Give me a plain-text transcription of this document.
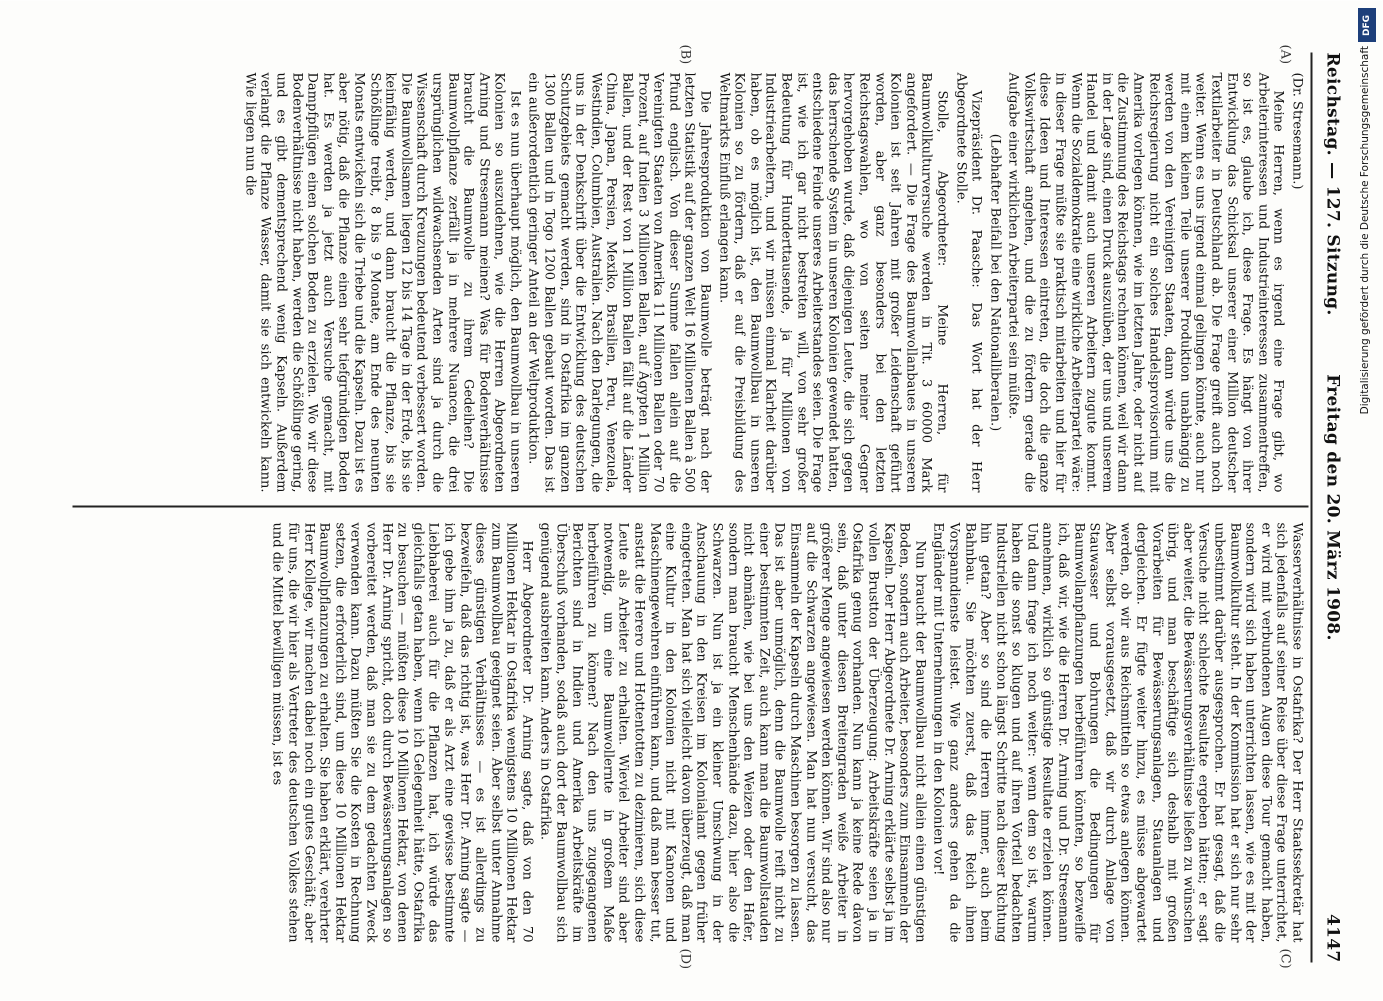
Reichstag. — 127. Sitzung.
Freitag den 20. März 1908.
4147
(A)
(B)
(C)
(D)

(Dr. Stresemann.)

Meine Herren, wenn es irgend eine Frage gibt, wo Arbeiterinteressen und Industrieinteressen zusammentreffen, so ist es, glaube ich, diese Frage. Es hängt von ihrer Entwicklung das Schicksal unserer einer Million deutscher Textilarbeiter in Deutschland ab. Die Frage greift auch noch weiter. Wenn es uns irgend einmal gelingen könnte, auch nur mit einem kleinen Teile unserer Produktion unabhängig zu werden von den Vereinigten Staaten, dann würde uns die Reichsregierung nicht ein solches Handelsprovisorium mit Amerika vorlegen können, wie im letzten Jahre, oder nicht auf die Zustimmung des Reichstags rechnen können, weil wir dann in der Lage sind, einen Druck auszuüben, der uns und unserem Handel und damit auch unseren Arbeitern zugute kommt. Wenn die Sozialdemokratie eine wirkliche Arbeiterpartei wäre: in dieser Frage müßte sie praktisch mitarbeiten und hier für diese Ideen und Interessen eintreten, die doch die ganze Volkswirtschaft angehen, und die zu fördern gerade die Aufgabe einer wirklichen Arbeiterpartei sein müßte.

(Lebhafter Beifall bei den Nationalliberalen.)

Vizepräsident Dr. Paasche: Das Wort hat der Herr Abgeordnete Stolle.

Stolle, Abgeordneter: Meine Herren, für Baumwollkulturversuche werden in Tit. 3 60000 Mark angefordert. — Die Frage des Baumwollanbaues in unseren Kolonien ist seit Jahren mit großer Leidenschaft geführt worden, aber ganz besonders bei den letzten Reichstagswahlen, wo von seiten meiner Gegner hervorgehoben wurde, daß diejenigen Leute, die sich gegen das herrschende System in unseren Kolonien gewendet hatten, entschiedene Feinde unseres Arbeiterstandes seien. Die Frage ist, wie ich gar nicht bestreiten will, von sehr großer Bedeutung für Hunderttausende, ja für Millionen von Industriearbeitern, und wir müssen einmal Klarheit darüber haben, ob es möglich ist, den Baumwollbau in unseren Kolonien so zu fördern, daß er auf die Preisbildung des Weltmarkts Einfluß erlangen kann.

Die Jahresproduktion von Baumwolle beträgt nach der letzten Statistik auf der ganzen Welt 16 Millionen Ballen à 500 Pfund englisch. Von dieser Summe fallen allein auf die Vereinigten Staaten von Amerika 11 Millionen Ballen oder 70 Prozent, auf Indien 3 Millionen Ballen, auf Ägypten 1 Million Ballen, und der Rest von 1 Million Ballen fällt auf die Länder China, Japan, Persien, Mexiko, Brasilien, Peru, Venezuela, Westindien, Columbien, Australien. Nach den Darlegungen, die uns in der Denkschrift über die Entwicklung des deutschen Schutzgebiets gemacht werden, sind in Ostafrika im ganzen 1300 Ballen und in Togo 1200 Ballen gebaut worden. Das ist ein außerordentlich geringer Anteil an der Weltproduktion.

Ist es nun überhaupt möglich, den Baumwollbau in unseren Kolonien so auszudehnen, wie die Herren Abgeordneten Arning und Stresemann meinen? Was für Bodenverhältnisse braucht die Baumwolle zu ihrem Gedeihen? Die Baumwollpflanze zerfällt ja in mehrere Nuancen, die drei ursprünglichen wildwachsenden Arten sind ja durch die Wissenschaft durch Kreuzungen bedeutend verbessert worden. Die Baumwollsamen liegen 12 bis 14 Tage in der Erde, bis sie keimfähig werden, und dann braucht die Pflanze, bis sie Schößlinge treibt, 8 bis 9 Monate, am Ende des neunten Monats entwickeln sich die Triebe und die Kapseln. Dazu ist es aber nötig, daß die Pflanze einen sehr tiefgründigen Boden hat. Es werden ja jetzt auch Versuche gemacht, mit Dampfpflügen einen solchen Boden zu erzielen. Wo wir diese Bodenverhältnisse nicht haben, werden die Schößlinge gering, und es gibt dementsprechend wenig Kapseln. Außerdem verlangt die Pflanze Wasser, damit sie sich entwickeln kann. Wie liegen nun die

Wasserverhältnisse in Ostafrika? Der Herr Staatssekretär hat sich jedenfalls auf seiner Reise über diese Frage unterrichtet, er wird mit verbundenen Augen diese Tour gemacht haben, sondern wird sich haben unterrichten lassen, wie es mit der Baumwollkultur steht. In der Kommission hat er sich nur sehr unbestimmt darüber ausgesprochen. Er hat gesagt, daß die Versuche nicht schlechte Resultate ergeben hätten; er sagt aber weiter, die Bewässerungsverhältnisse ließen zu wünschen übrig, und man beschäftige sich deshalb mit großen Vorarbeiten für Bewässerungsanlagen, Stauanlagen und dergleichen. Er fügte weiter hinzu, es müsse abgewartet werden, ob wir aus Reichsmitteln so etwas anlegen können. Aber selbst vorausgesetzt, daß wir durch Anlage von Stauwasser und Bohrungen die Bedingungen für Baumwollanpflanzungen herbeiführen könnten, so bezweifle ich, daß wir, wie die Herren Dr. Arning und Dr. Stresemann annehmen, wirklich so günstige Resultate erzielen können. Und dann frage ich noch weiter: wenn dem so ist, warum haben die sonst so klugen und auf ihren Vorteil bedachten Industriellen nicht schon längst Schritte nach dieser Richtung hin getan? Aber so sind die Herren immer, auch beim Bahnbau. Sie möchten zuerst, daß das Reich ihnen Vorspanndienste leistet. Wie ganz anders gehen da die Engländer mit Unternehmungen in den Kolonien vor!

Nun braucht der Baumwollbau nicht allein einen günstigen Boden, sondern auch Arbeiter, besonders zum Einsammeln der Kapseln. Der Herr Abgeordnete Dr. Arning erklärte selbst ja im vollen Brustton der Überzeugung: Arbeitskräfte seien ja in Ostafrika genug vorhanden. Nun kann ja keine Rede davon sein, daß unter diesen Breitengraden weiße Arbeiter in größerer Menge angewiesen werden können. Wir sind also nur auf die Schwarzen angewiesen. Man hat nun versucht, das Einsammeln der Kapseln durch Maschinen besorgen zu lassen. Das ist aber unmöglich, denn die Baumwolle reift nicht zu einer bestimmten Zeit, auch kann man die Baumwollstauden nicht abmähen, wie bei uns den Weizen oder den Hafer, sondern man braucht Menschenhände dazu, hier also die Schwarzen. Nun ist ja ein kleiner Umschwung in der Anschauung in den Kreisen im Kolonialamt gegen früher eingetreten. Man hat sich vielleicht davon überzeugt, daß man eine Kultur in den Kolonien nicht mit Kanonen und Maschinengewehren einführen kann, und daß man besser tut, anstatt die Herero und Hottentotten zu dezimieren, sich diese Leute als Arbeiter zu erhalten. Wieviel Arbeiter sind aber notwendig, um eine Baumwollernte in großem Maße herbeiführen zu können? Nach den uns zugegangenen Berichten sind in Indien und Amerika Arbeitskräfte im Überschuß vorhanden, sodaß auch dort der Baumwollbau sich genügend ausbreiten kann. Anders in Ostafrika.

Herr Abgeordneter Dr. Arning sagte, daß von den 70 Millionen Hektar in Ostafrika wenigstens 10 Millionen Hektar zum Baumwollbau geeignet seien. Aber selbst unter Annahme dieses günstigen Verhältnisses — es ist allerdings zu bezweifeln, daß das richtig ist, was Herr Dr. Arning sagte — ich gebe ihm ja zu, daß er als Arzt eine gewisse bestimmte Liebhaberei auch für die Pflanzen hat, ich würde das gleichfalls getan haben, wenn ich Gelegenheit hätte, Ostafrika zu besuchen — müßten diese 10 Millionen Hektar, von denen Herr Dr. Arning spricht, doch durch Bewässerungsanlagen so vorbereitet werden, daß man sie zu dem gedachten Zweck verwenden kann. Dazu müßten Sie die Kosten in Rechnung setzen, die erforderlich sind, um diese 10 Millionen Hektar Baumwollpflanzungen zu erhalten. Sie haben erklärt, verehrter Herr Kollege, wir machen dabei noch ein gutes Geschäft; aber für uns, die wir hier als Vertreter des deutschen Volkes stehen und die Mittel bewilligen müssen, ist es

DFG
Digitalisierung gefördert durch die Deutsche Forschungsgemeinschaft
